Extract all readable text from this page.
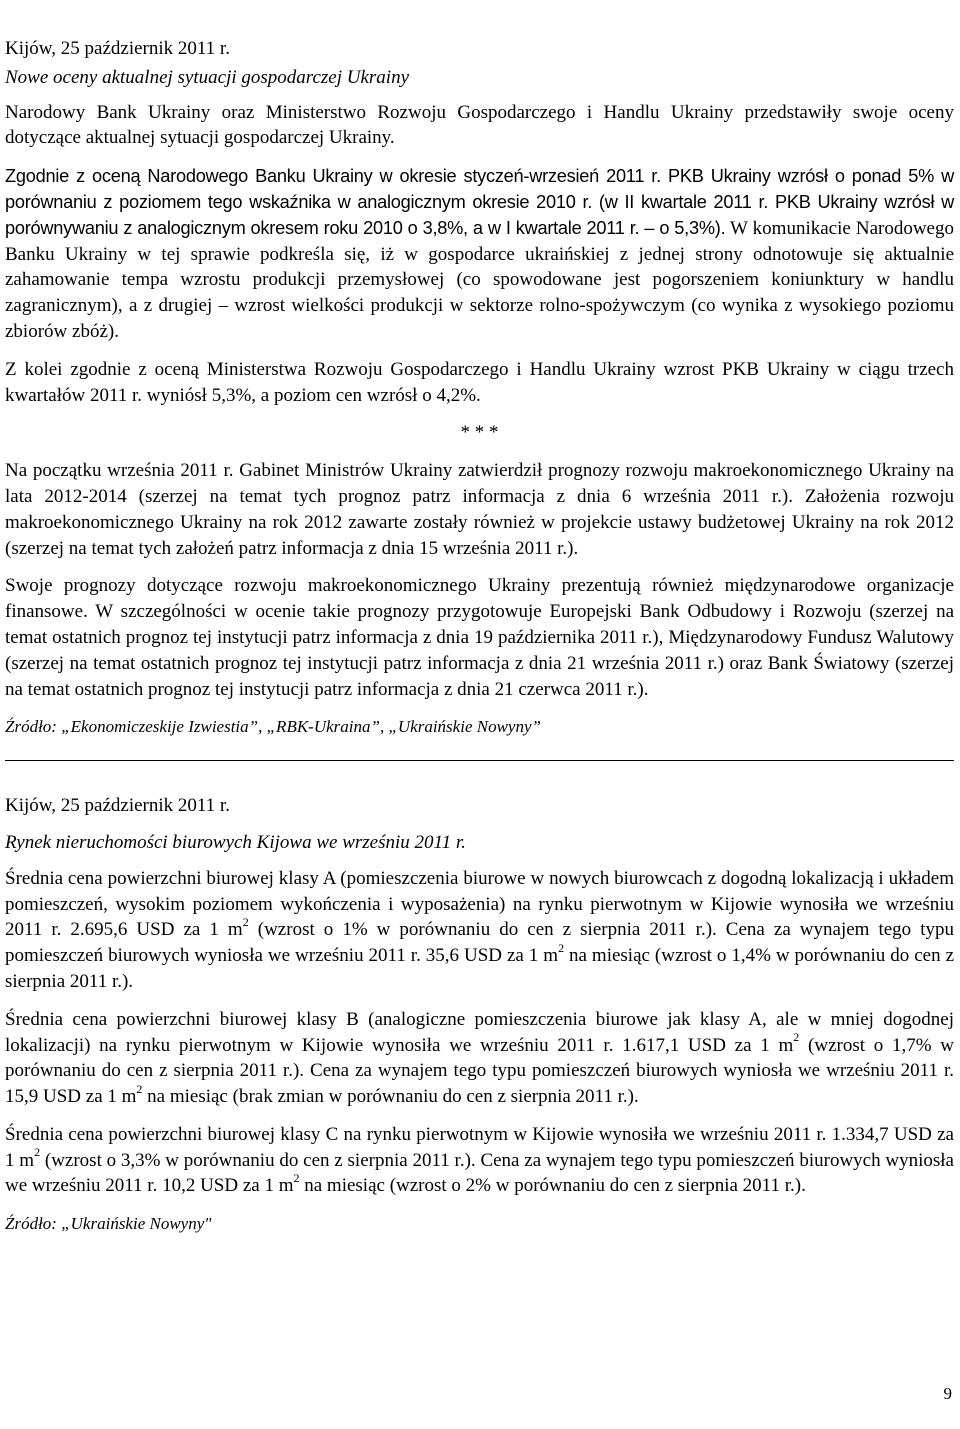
Kijów, 25 październik 2011 r.
Nowe oceny aktualnej sytuacji gospodarczej Ukrainy
Narodowy Bank Ukrainy oraz Ministerstwo Rozwoju Gospodarczego i Handlu Ukrainy przedstawiły swoje oceny dotyczące aktualnej sytuacji gospodarczej Ukrainy.
Zgodnie z oceną Narodowego Banku Ukrainy w okresie styczeń-wrzesień 2011 r. PKB Ukrainy wzrósł o ponad 5% w porównaniu z poziomem tego wskaźnika w analogicznym okresie 2010 r. (w II kwartale 2011 r. PKB Ukrainy wzrósł w porównywaniu z analogicznym okresem roku 2010 o 3,8%, a w I kwartale 2011 r. – o 5,3%). W komunikacie Narodowego Banku Ukrainy w tej sprawie podkreśla się, iż w gospodarce ukraińskiej z jednej strony odnotowuje się aktualnie zahamowanie tempa wzrostu produkcji przemysłowej (co spowodowane jest pogorszeniem koniunktury w handlu zagranicznym), a z drugiej – wzrost wielkości produkcji w sektorze rolno-spożywczym (co wynika z wysokiego poziomu zbiorów zbóż).
Z kolei zgodnie z oceną Ministerstwa Rozwoju Gospodarczego i Handlu Ukrainy wzrost PKB Ukrainy w ciągu trzech kwartałów 2011 r. wyniósł 5,3%, a poziom cen wzrósł o 4,2%.
* * *
Na początku września 2011 r. Gabinet Ministrów Ukrainy zatwierdził prognozy rozwoju makroekonomicznego Ukrainy na lata 2012-2014 (szerzej na temat tych prognoz patrz informacja z dnia 6 września 2011 r.). Założenia rozwoju makroekonomicznego Ukrainy na rok 2012 zawarte zostały również w projekcie ustawy budżetowej Ukrainy na rok 2012 (szerzej na temat tych założeń patrz informacja z dnia 15 września 2011 r.).
Swoje prognozy dotyczące rozwoju makroekonomicznego Ukrainy prezentują również międzynarodowe organizacje finansowe. W szczególności w ocenie takie prognozy przygotowuje Europejski Bank Odbudowy i Rozwoju (szerzej na temat ostatnich prognoz tej instytucji patrz informacja z dnia 19 października 2011 r.), Międzynarodowy Fundusz Walutowy (szerzej na temat ostatnich prognoz tej instytucji patrz informacja z dnia 21 września 2011 r.) oraz Bank Światowy (szerzej na temat ostatnich prognoz tej instytucji patrz informacja z dnia 21 czerwca 2011 r.).
Źródło: „Ekonomiczeskije Izwiestia”, „RBK-Ukraina”, „Ukraińskie Nowyny”
Kijów, 25 październik 2011 r.
Rynek nieruchomości biurowych Kijowa we wrześniu 2011 r.
Średnia cena powierzchni biurowej klasy A (pomieszczenia biurowe w nowych biurowcach z dogodną lokalizacją i układem pomieszczeń, wysokim poziomem wykończenia i wyposażenia) na rynku pierwotnym w Kijowie wynosiła we wrześniu 2011 r. 2.695,6 USD za 1 $m^2$ (wzrost o 1% w porównaniu do cen z sierpnia 2011 r.). Cena za wynajem tego typu pomieszczeń biurowych wyniosła we wrześniu 2011 r. 35,6 USD za 1 $m^2$ na miesiąc (wzrost o 1,4% w porównaniu do cen z sierpnia 2011 r.).
Średnia cena powierzchni biurowej klasy B (analogiczne pomieszczenia biurowe jak klasy A, ale w mniej dogodnej lokalizacji) na rynku pierwotnym w Kijowie wynosiła we wrześniu 2011 r. 1.617,1 USD za 1 $m^2$ (wzrost o 1,7% w porównaniu do cen z sierpnia 2011 r.). Cena za wynajem tego typu pomieszczeń biurowych wyniosła we wrześniu 2011 r. 15,9 USD za 1 $m^2$ na miesiąc (brak zmian w porównaniu do cen z sierpnia 2011 r.).
Średnia cena powierzchni biurowej klasy C na rynku pierwotnym w Kijowie wynosiła we wrześniu 2011 r. 1.334,7 USD za 1 $m^2$ (wzrost o 3,3% w porównaniu do cen z sierpnia 2011 r.). Cena za wynajem tego typu pomieszczeń biurowych wyniosła we wrześniu 2011 r. 10,2 USD za 1 $m^2$ na miesiąc (wzrost o 2% w porównaniu do cen z sierpnia 2011 r.).
Źródło: „Ukraińskie Nowyny"
9
